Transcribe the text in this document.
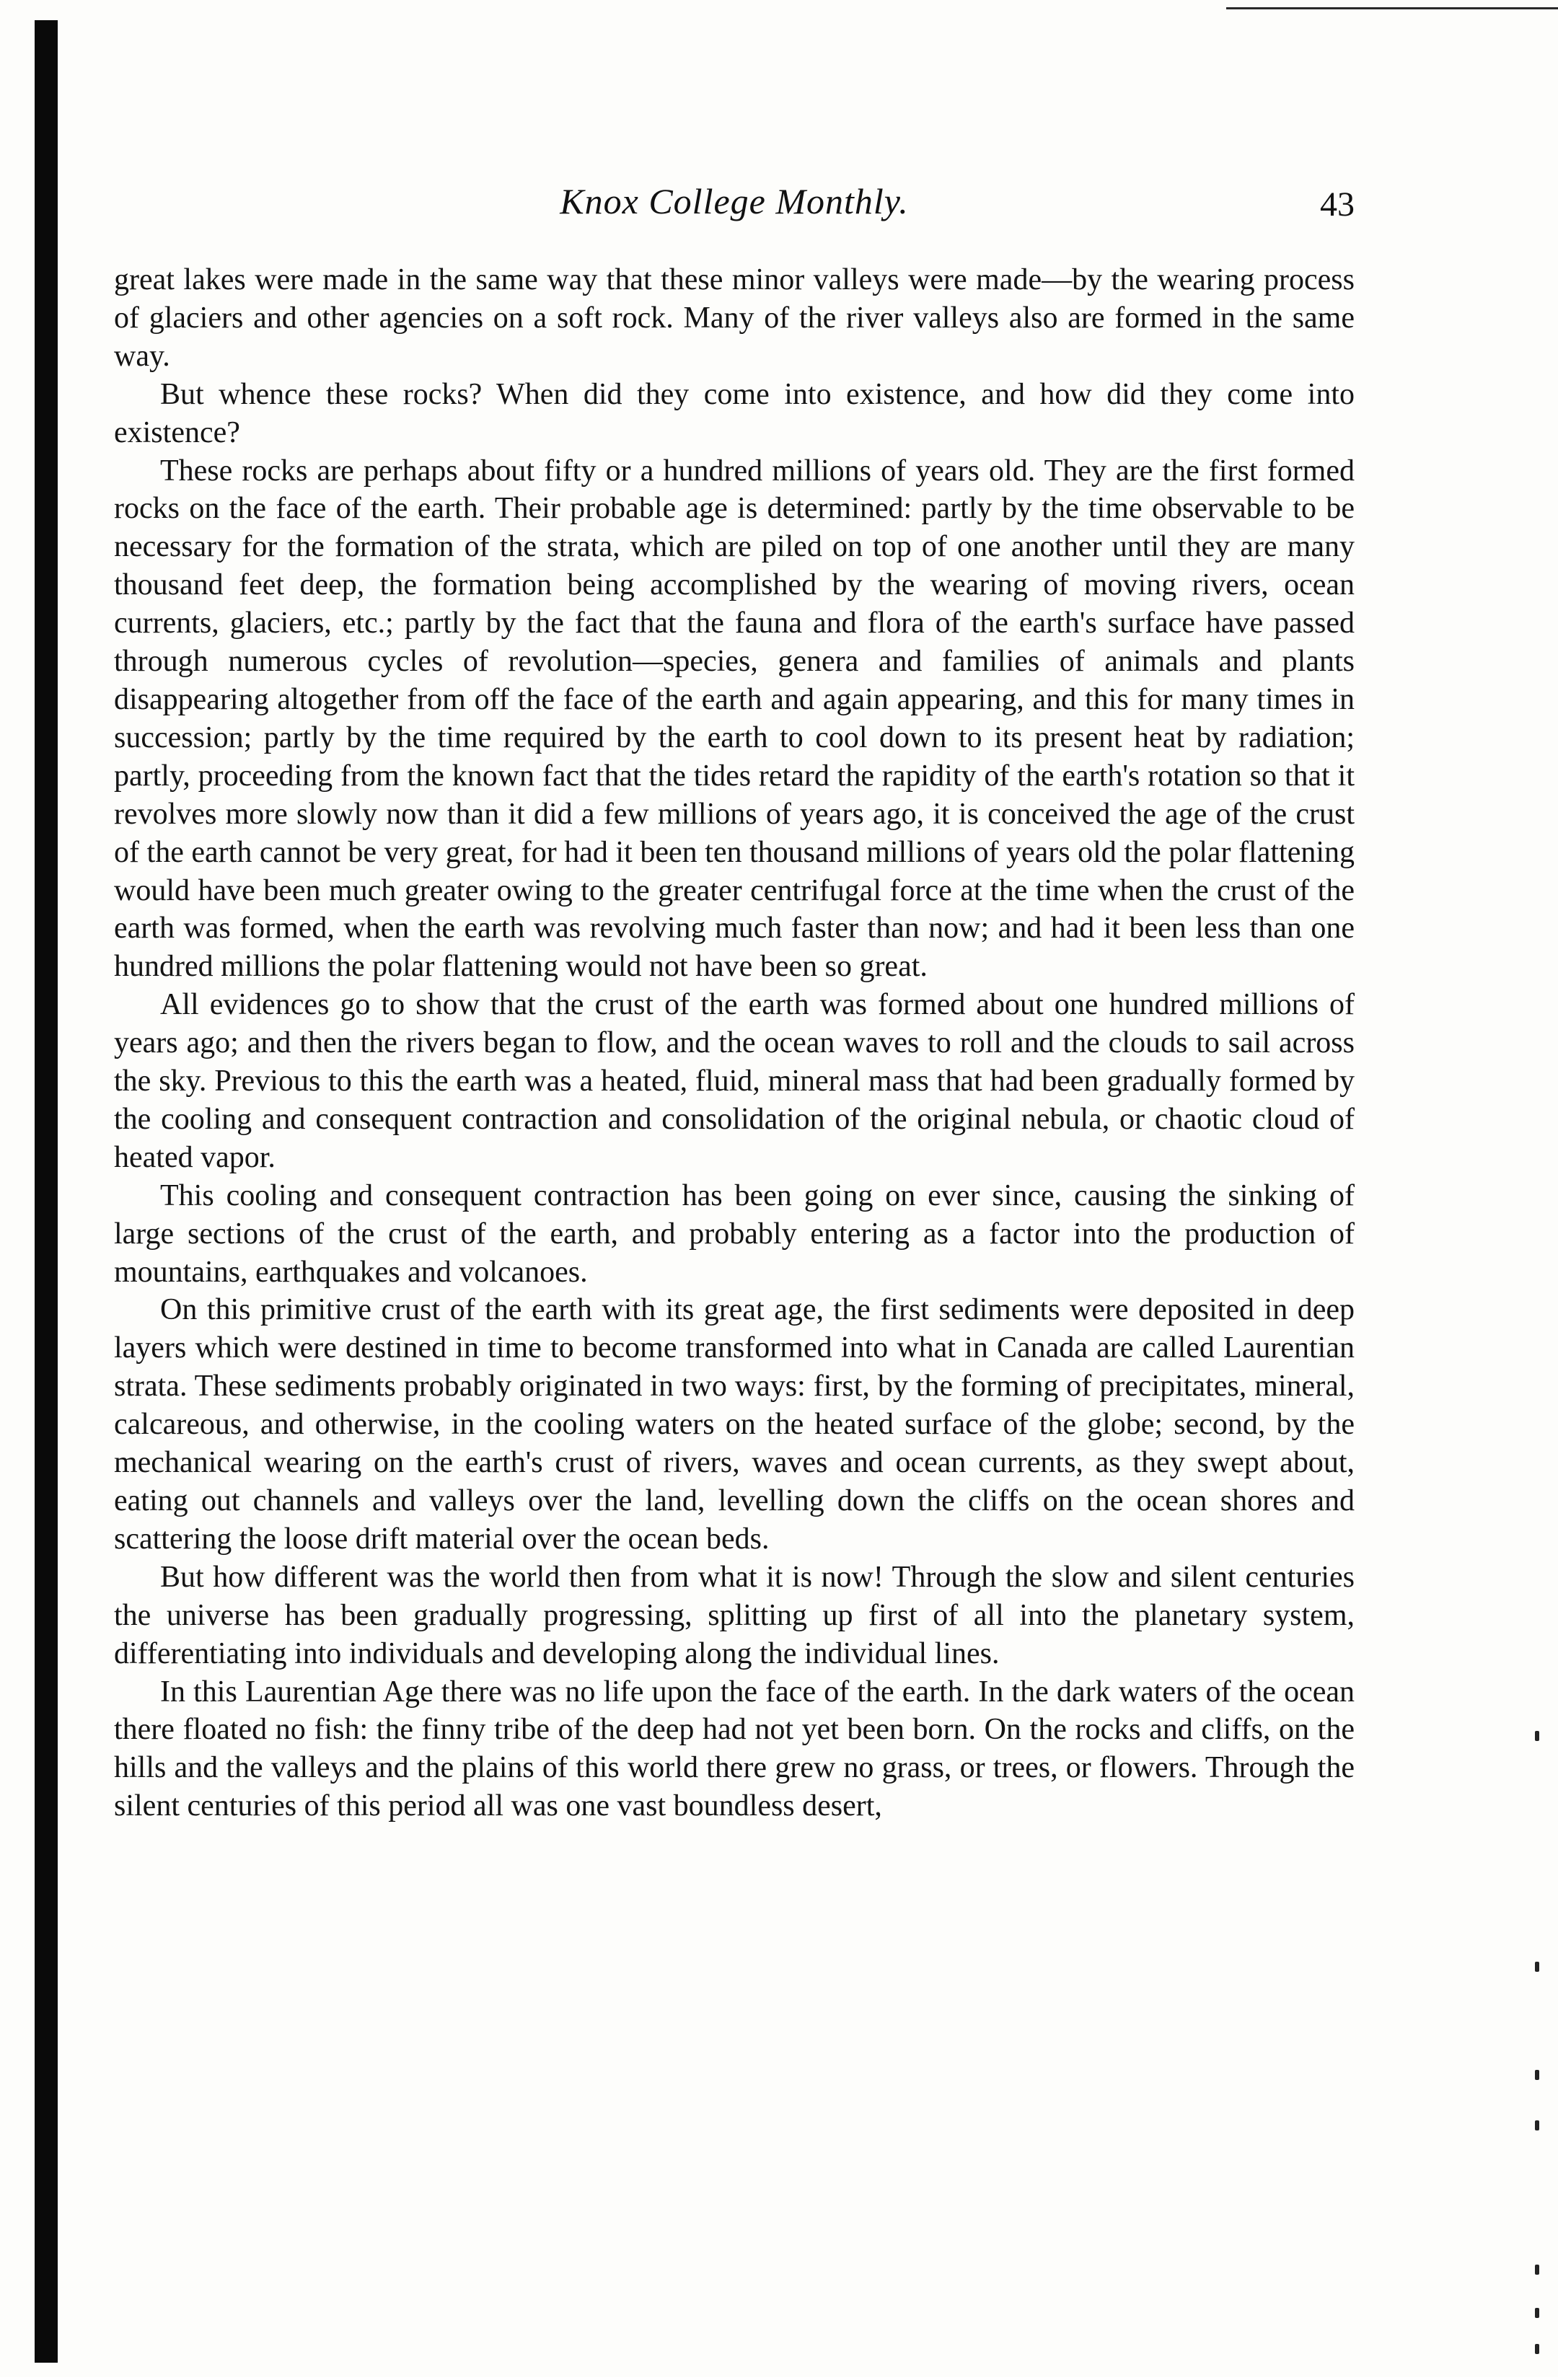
Knox College Monthly.	43

great lakes were made in the same way that these minor valleys were made—by the wearing process of glaciers and other agencies on a soft rock. Many of the river valleys also are formed in the same way.

But whence these rocks? When did they come into existence, and how did they come into existence?

These rocks are perhaps about fifty or a hundred millions of years old. They are the first formed rocks on the face of the earth. Their probable age is determined: partly by the time observable to be necessary for the formation of the strata, which are piled on top of one another until they are many thousand feet deep, the formation being accomplished by the wearing of moving rivers, ocean currents, glaciers, etc.; partly by the fact that the fauna and flora of the earth's surface have passed through numerous cycles of revolution—species, genera and families of animals and plants disappearing altogether from off the face of the earth and again appearing, and this for many times in succession; partly by the time required by the earth to cool down to its present heat by radiation; partly, proceeding from the known fact that the tides retard the rapidity of the earth's rotation so that it revolves more slowly now than it did a few millions of years ago, it is conceived the age of the crust of the earth cannot be very great, for had it been ten thousand millions of years old the polar flattening would have been much greater owing to the greater centrifugal force at the time when the crust of the earth was formed, when the earth was revolving much faster than now; and had it been less than one hundred millions the polar flattening would not have been so great.

All evidences go to show that the crust of the earth was formed about one hundred millions of years ago; and then the rivers began to flow, and the ocean waves to roll and the clouds to sail across the sky. Previous to this the earth was a heated, fluid, mineral mass that had been gradually formed by the cooling and consequent contraction and consolidation of the original nebula, or chaotic cloud of heated vapor.

This cooling and consequent contraction has been going on ever since, causing the sinking of large sections of the crust of the earth, and probably entering as a factor into the production of mountains, earthquakes and volcanoes.

On this primitive crust of the earth with its great age, the first sediments were deposited in deep layers which were destined in time to become transformed into what in Canada are called Laurentian strata. These sediments probably originated in two ways: first, by the forming of precipitates, mineral, calcareous, and otherwise, in the cooling waters on the heated surface of the globe; second, by the mechanical wearing on the earth's crust of rivers, waves and ocean currents, as they swept about, eating out channels and valleys over the land, levelling down the cliffs on the ocean shores and scattering the loose drift material over the ocean beds.

But how different was the world then from what it is now! Through the slow and silent centuries the universe has been gradually progressing, splitting up first of all into the planetary system, differentiating into individuals and developing along the individual lines.

In this Laurentian Age there was no life upon the face of the earth. In the dark waters of the ocean there floated no fish: the finny tribe of the deep had not yet been born. On the rocks and cliffs, on the hills and the valleys and the plains of this world there grew no grass, or trees, or flowers. Through the silent centuries of this period all was one vast boundless desert,
